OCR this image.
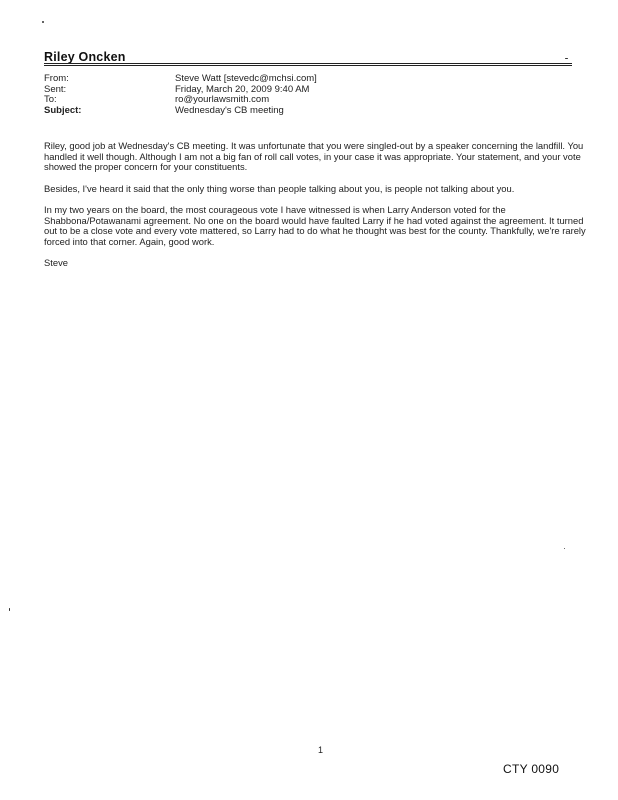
Riley Oncken
From:	Steve Watt [stevedc@mchsi.com]
Sent:	Friday, March 20, 2009 9:40 AM
To:	ro@yourlawsmith.com
Subject:	Wednesday's CB meeting

Riley, good job at Wednesday's CB meeting. It was unfortunate that you were singled-out by a speaker concerning the landfill. You handled it well though. Although I am not a big fan of roll call votes, in your case it was appropriate. Your statement, and your vote showed the proper concern for your constituents.

Besides, I've heard it said that the only thing worse than people talking about you, is people not talking about you.

In my two years on the board, the most courageous vote I have witnessed is when Larry Anderson voted for the Shabbona/Potawanami agreement. No one on the board would have faulted Larry if he had voted against the agreement. It turned out to be a close vote and every vote mattered, so Larry had to do what he thought was best for the county. Thankfully, we're rarely forced into that corner. Again, good work.

Steve

1
CTY 0090
